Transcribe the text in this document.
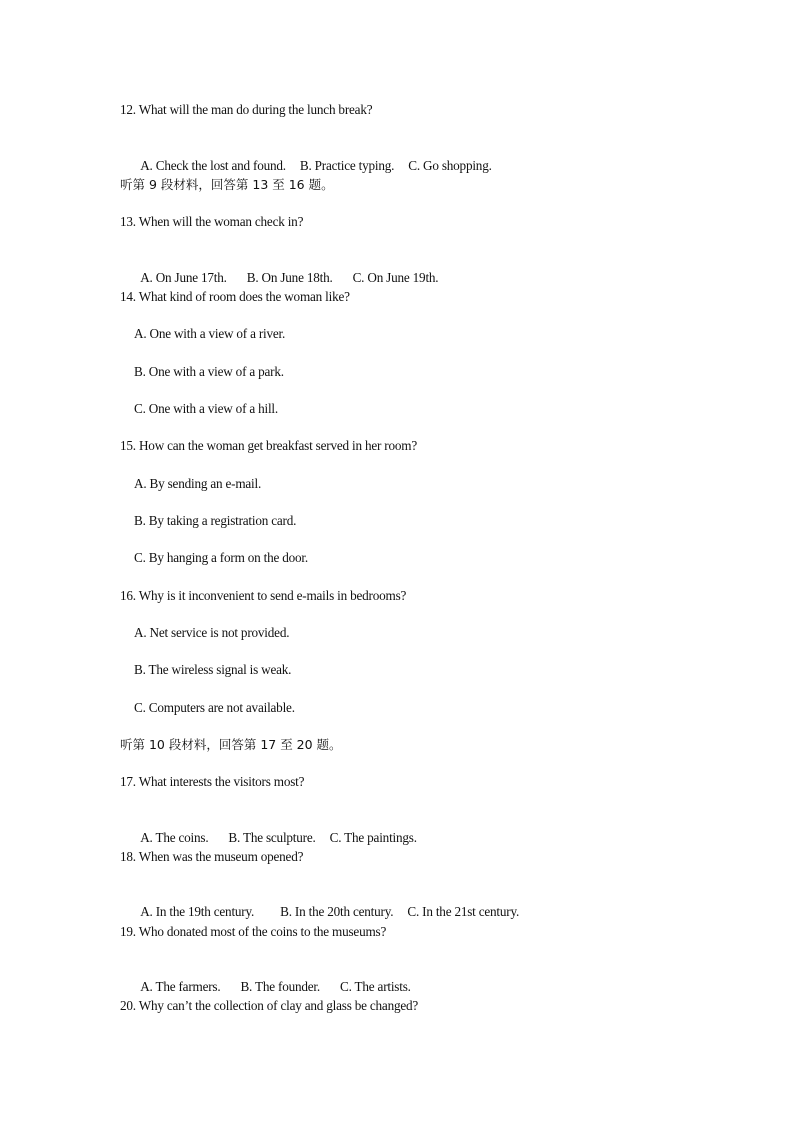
12. What will the man do during the lunch break?

A. Check the lost and found. B. Practice typing. C. Go shopping.

听第 9 段材料，回答第 13 至 16 题。
13. When will the woman check in?

A. On June 17th. B. On June 18th. C. On June 19th.

14. What kind of room does the woman like?
A. One with a view of a river.
B. One with a view of a park.
C. One with a view of a hill.
15. How can the woman get breakfast served in her room?
A. By sending an e-mail.
B. By taking a registration card.
C. By hanging a form on the door.
16. Why is it inconvenient to send e-mails in bedrooms?
A. Net service is not provided.
B. The wireless signal is weak.
C. Computers are not available.
听第 10 段材料，回答第 17 至 20 题。
17. What interests the visitors most?

A. The coins. B. The sculpture. C. The paintings.

18. When was the museum opened?

A. In the 19th century. B. In the 20th century. C. In the 21st century.

19. Who donated most of the coins to the museums?

A. The farmers. B. The founder. C. The artists.

20. Why can’t the collection of clay and glass be changed?
